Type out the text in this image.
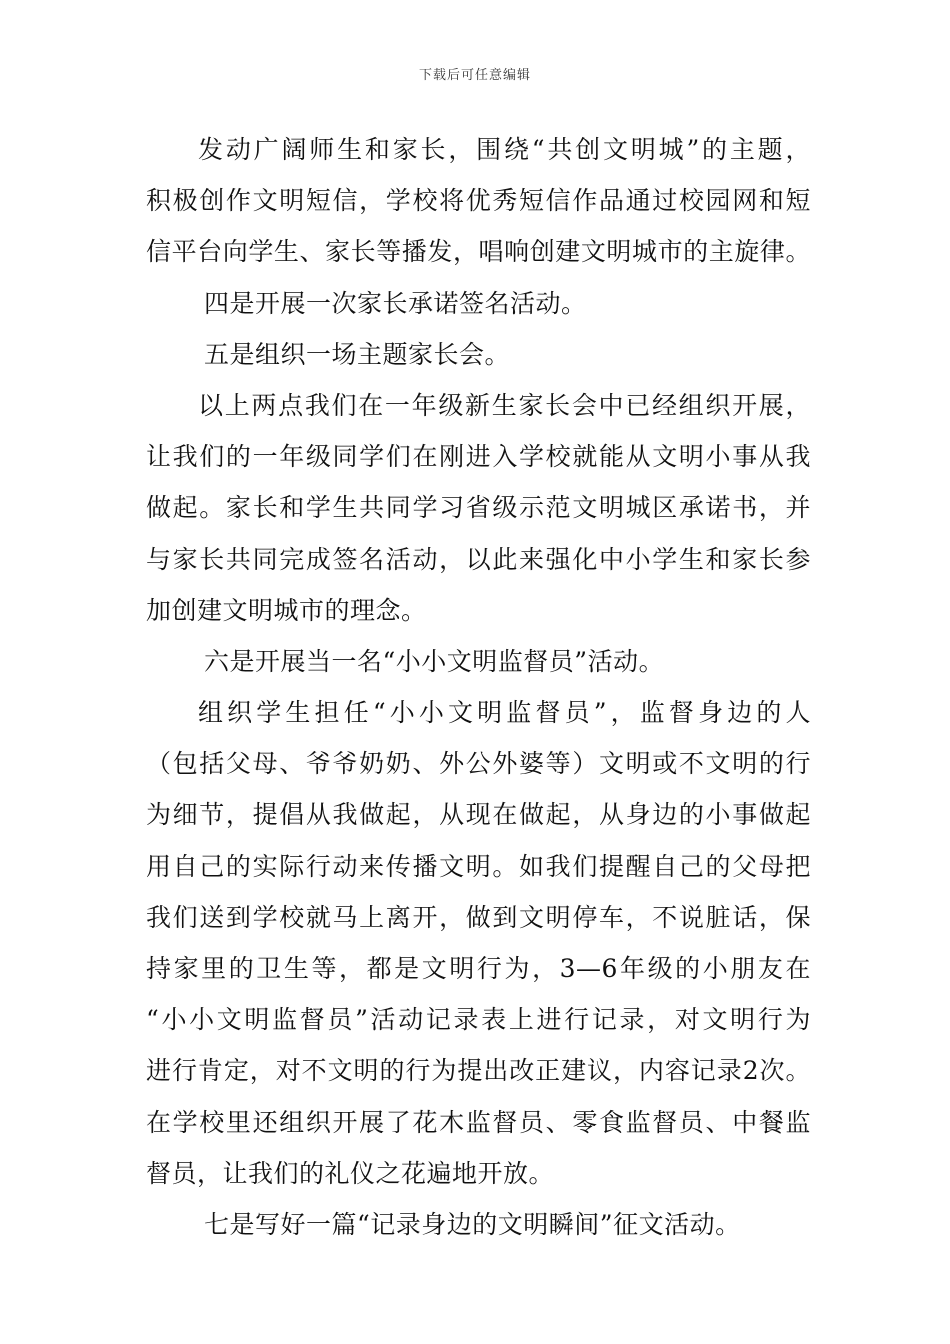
下载后可任意编辑
发动广阔师生和家长，围绕“共创文明城”的主题，
积极创作文明短信，学校将优秀短信作品通过校园网和短
信平台向学生、家长等播发，唱响创建文明城市的主旋律。
四是开展一次家长承诺签名活动。
五是组织一场主题家长会。
以上两点我们在一年级新生家长会中已经组织开展，
让我们的一年级同学们在刚进入学校就能从文明小事从我
做起。家长和学生共同学习省级示范文明城区承诺书，并
与家长共同完成签名活动，以此来强化中小学生和家长参
加创建文明城市的理念。
六是开展当一名“小小文明监督员”活动。
组织学生担任“小小文明监督员”，监督身边的人
（包括父母、爷爷奶奶、外公外婆等）文明或不文明的行
为细节，提倡从我做起，从现在做起，从身边的小事做起
用自己的实际行动来传播文明。如我们提醒自己的父母把
我们送到学校就马上离开，做到文明停车，不说脏话，保
持家里的卫生等，都是文明行为，3—6年级的小朋友在
“小小文明监督员”活动记录表上进行记录，对文明行为
进行肯定，对不文明的行为提出改正建议，内容记录2次。
在学校里还组织开展了花木监督员、零食监督员、中餐监
督员，让我们的礼仪之花遍地开放。
七是写好一篇“记录身边的文明瞬间”征文活动。
